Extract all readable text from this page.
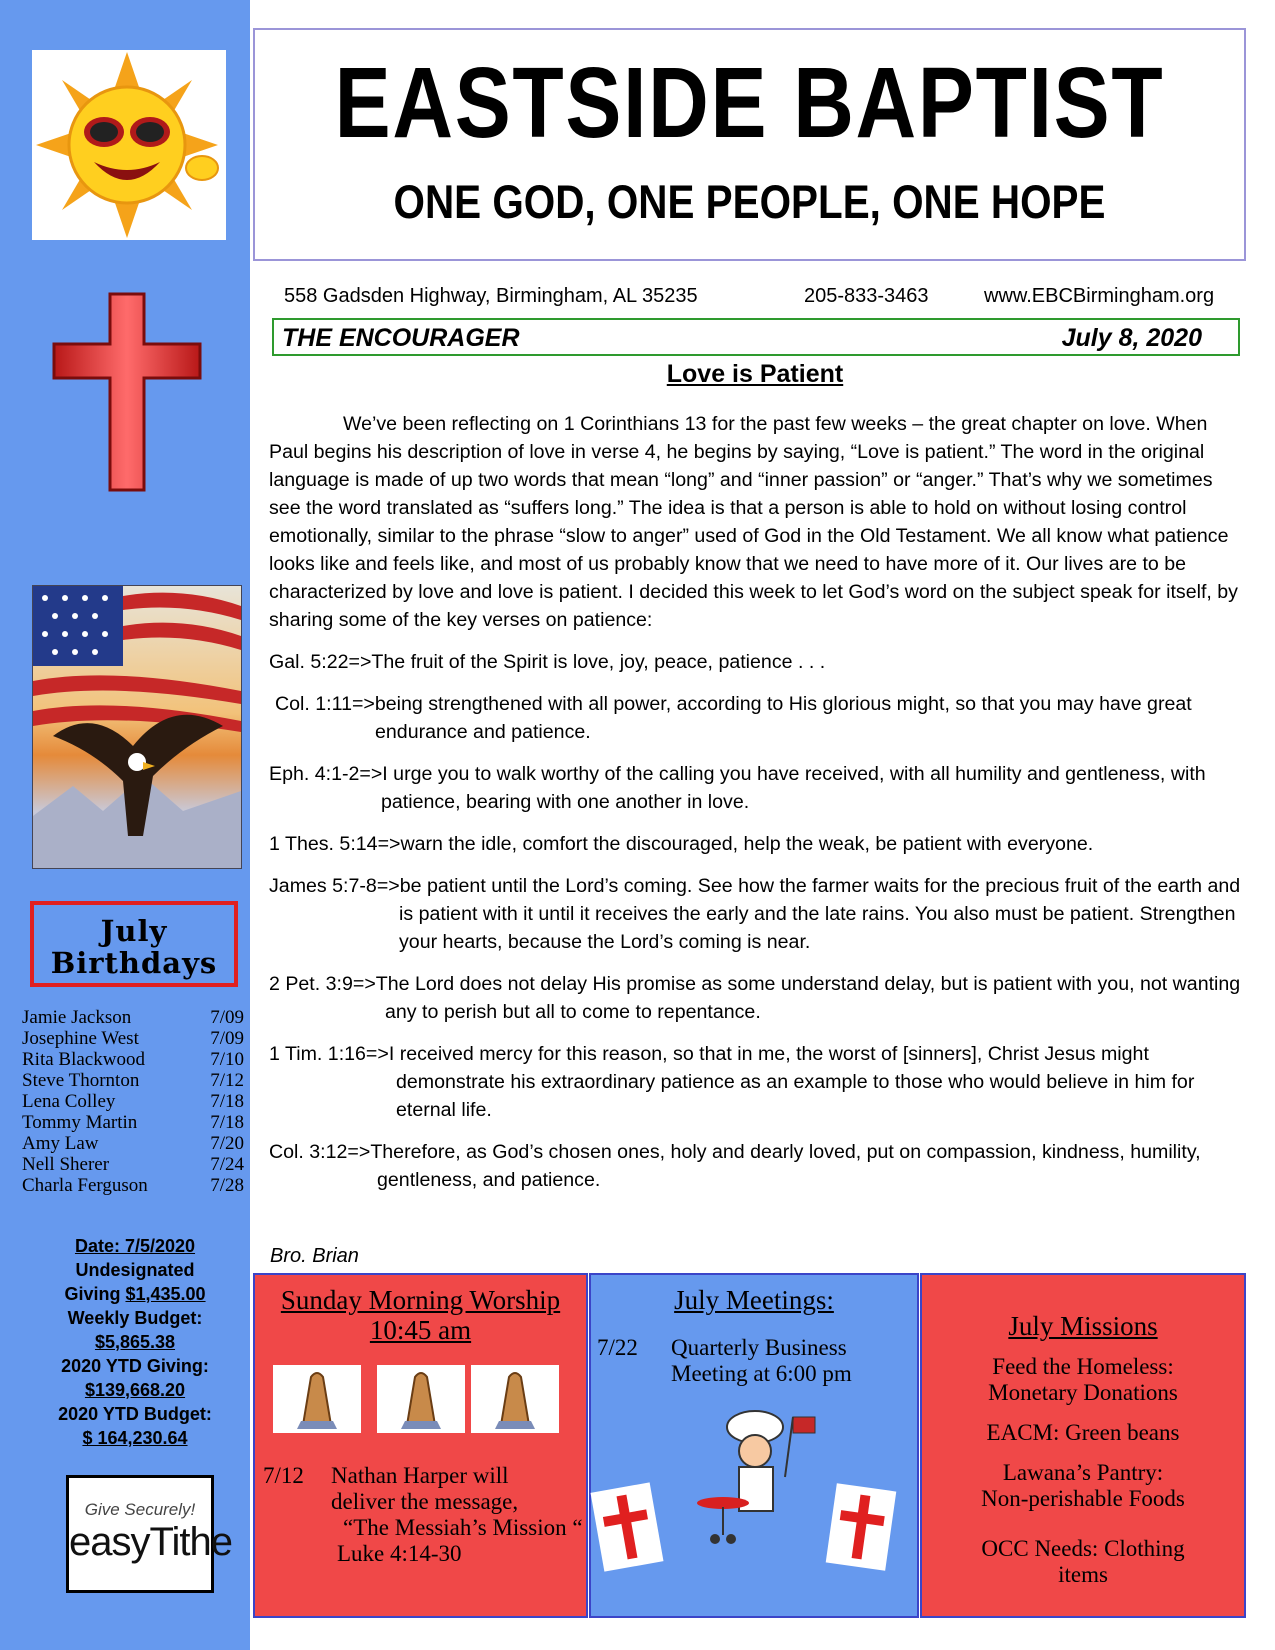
July
Birthdays
Jamie Jackson	7/09
Josephine West	7/09
Rita Blackwood	7/10
Steve Thornton	7/12
Lena Colley	7/18
Tommy Martin	7/18
Amy Law	7/20
Nell Sherer	7/24
Charla Ferguson	7/28
Date: 7/5/2020
Undesignated
Giving $1,435.00
Weekly Budget:
$5,865.38
2020 YTD Giving:
$139,668.20
2020 YTD Budget:
$ 164,230.64
Give Securely!
easyTithe
EASTSIDE BAPTIST
ONE GOD, ONE PEOPLE, ONE HOPE
558 Gadsden Highway, Birmingham, AL 35235	205-833-3463	www.EBCBirmingham.org
THE ENCOURAGER	July 8, 2020
Love is Patient

We’ve been reflecting on 1 Corinthians 13 for the past few weeks – the great chapter on love. When Paul begins his description of love in verse 4, he begins by saying, “Love is patient.” The word in the original language is made of up two words that mean “long” and “inner passion” or “anger.” That’s why we sometimes see the word translated as “suffers long.” The idea is that a person is able to hold on without losing control emotionally, similar to the phrase “slow to anger” used of God in the Old Testament. We all know what patience looks like and feels like, and most of us probably know that we need to have more of it. Our lives are to be characterized by love and love is patient. I decided this week to let God’s word on the subject speak for itself, by sharing some of the key verses on patience:

Gal. 5:22=>The fruit of the Spirit is love, joy, peace, patience . . .

Col. 1:11=>being strengthened with all power, according to His glorious might, so that you may have great endurance and patience.

Eph. 4:1-2=>I urge you to walk worthy of the calling you have received, with all humility and gentleness, with patience, bearing with one another in love.

1 Thes. 5:14=>warn the idle, comfort the discouraged, help the weak, be patient with everyone.

James 5:7-8=>be patient until the Lord’s coming. See how the farmer waits for the precious fruit of the earth and is patient with it until it receives the early and the late rains. You also must be patient. Strengthen your hearts, because the Lord’s coming is near.

2 Pet. 3:9=>The Lord does not delay His promise as some understand delay, but is patient with you, not wanting any to perish but all to come to repentance.

1 Tim. 1:16=>I received mercy for this reason, so that in me, the worst of [sinners], Christ Jesus might demonstrate his extraordinary patience as an example to those who would believe in him for eternal life.

Col. 3:12=>Therefore, as God’s chosen ones, holy and dearly loved, put on compassion, kindness, humility, gentleness, and patience.

Bro. Brian
Sunday Morning Worship
10:45 am
7/12 Nathan Harper will
deliver the message,
“The Messiah’s Mission “
Luke 4:14-30
July Meetings:
7/22 Quarterly Business
Meeting at 6:00 pm
July Missions
Feed the Homeless:
Monetary Donations
EACM: Green beans
Lawana’s Pantry:
Non-perishable Foods
OCC Needs: Clothing
items
